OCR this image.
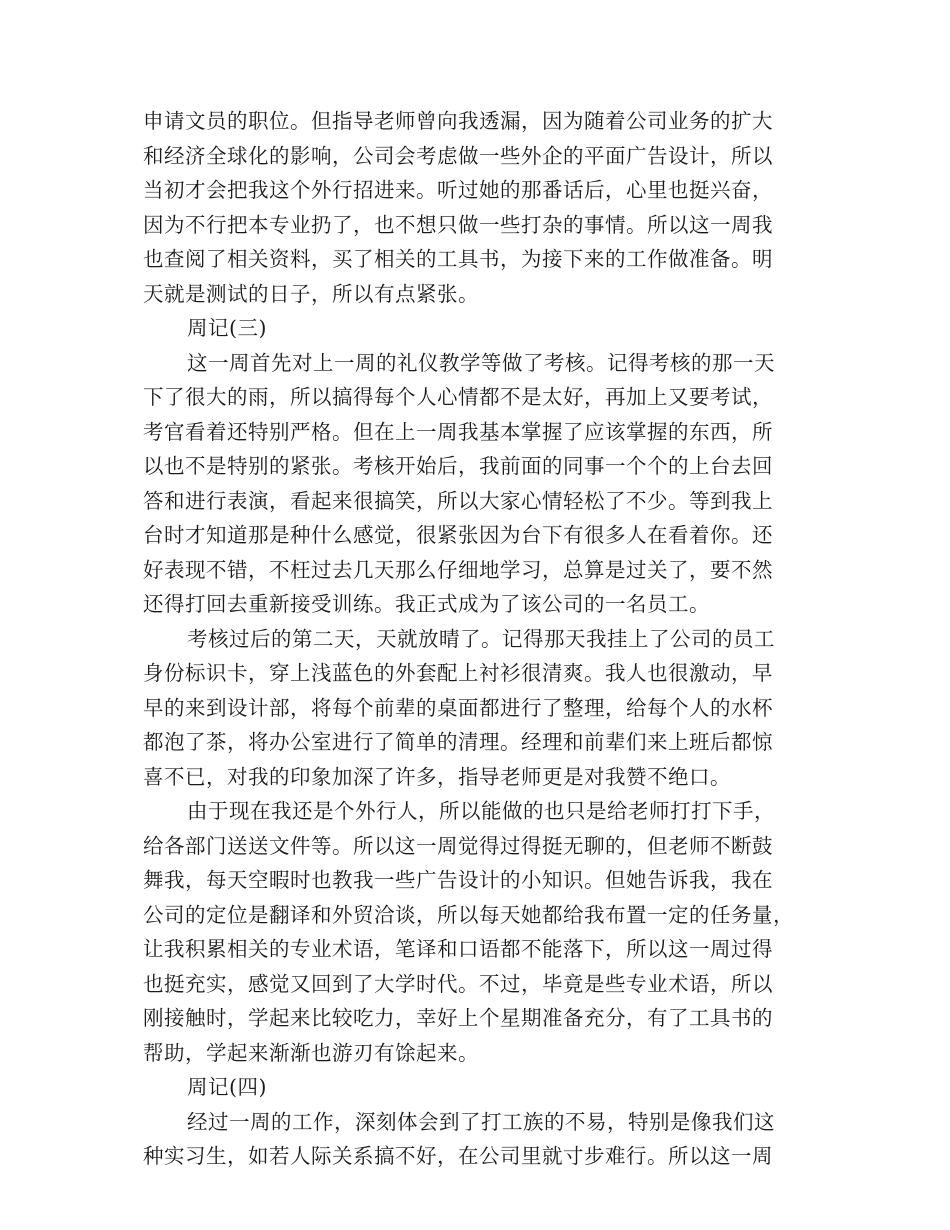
申请文员的职位。但指导老师曾向我透漏，因为随着公司业务的扩大
和经济全球化的影响，公司会考虑做一些外企的平面广告设计，所以
当初才会把我这个外行招进来。听过她的那番话后，心里也挺兴奋，
因为不行把本专业扔了，也不想只做一些打杂的事情。所以这一周我
也查阅了相关资料，买了相关的工具书，为接下来的工作做准备。明
天就是测试的日子，所以有点紧张。
周记(三)
这一周首先对上一周的礼仪教学等做了考核。记得考核的那一天
下了很大的雨，所以搞得每个人心情都不是太好，再加上又要考试，
考官看着还特别严格。但在上一周我基本掌握了应该掌握的东西，所
以也不是特别的紧张。考核开始后，我前面的同事一个个的上台去回
答和进行表演，看起来很搞笑，所以大家心情轻松了不少。等到我上
台时才知道那是种什么感觉，很紧张因为台下有很多人在看着你。还
好表现不错，不枉过去几天那么仔细地学习，总算是过关了，要不然
还得打回去重新接受训练。我正式成为了该公司的一名员工。
考核过后的第二天，天就放晴了。记得那天我挂上了公司的员工
身份标识卡，穿上浅蓝色的外套配上衬衫很清爽。我人也很激动，早
早的来到设计部，将每个前辈的桌面都进行了整理，给每个人的水杯
都泡了茶，将办公室进行了简单的清理。经理和前辈们来上班后都惊
喜不已，对我的印象加深了许多，指导老师更是对我赞不绝口。
由于现在我还是个外行人，所以能做的也只是给老师打打下手，
给各部门送送文件等。所以这一周觉得过得挺无聊的，但老师不断鼓
舞我，每天空暇时也教我一些广告设计的小知识。但她告诉我，我在
公司的定位是翻译和外贸洽谈，所以每天她都给我布置一定的任务量，
让我积累相关的专业术语，笔译和口语都不能落下，所以这一周过得
也挺充实，感觉又回到了大学时代。不过，毕竟是些专业术语，所以
刚接触时，学起来比较吃力，幸好上个星期准备充分，有了工具书的
帮助，学起来渐渐也游刃有馀起来。
周记(四)
经过一周的工作，深刻体会到了打工族的不易，特别是像我们这
种实习生，如若人际关系搞不好，在公司里就寸步难行。所以这一周
